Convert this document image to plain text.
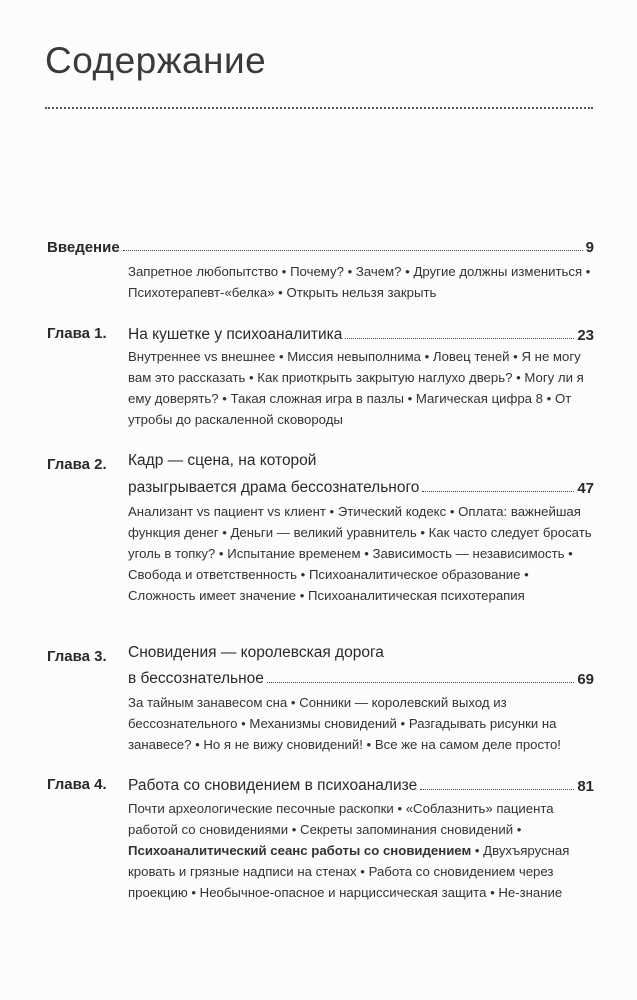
Содержание
Введение	9
Запретное любопытство • Почему? • Зачем? • Другие должны измениться • Психотерапевт-«белка» • Открыть нельзя закрыть
Глава 1. На кушетке у психоаналитика	23
Внутреннее vs внешнее • Миссия невыполнима • Ловец теней • Я не могу вам это рассказать • Как приоткрыть закрытую наглухо дверь? • Могу ли я ему доверять? • Такая сложная игра в пазлы • Магическая цифра 8 • От утробы до раскаленной сковороды
Глава 2. Кадр — сцена, на которой
разыгрывается драма бессознательного	47
Анализант vs пациент vs клиент • Этический кодекс • Оплата: важнейшая функция денег • Деньги — великий уравнитель • Как часто следует бросать уголь в топку? • Испытание временем • Зависимость — независимость • Свобода и ответственность • Психоаналитическое образование • Сложность имеет значение • Психоаналитическая психотерапия
Глава 3. Сновидения — королевская дорога
в бессознательное	69
За тайным занавесом сна • Сонники — королевский выход из бессознательного • Механизмы сновидений • Разгадывать рисунки на занавесе? • Но я не вижу сновидений! • Все же на самом деле просто!
Глава 4. Работа со сновидением в психоанализе	81
Почти археологические песочные раскопки • «Соблазнить» пациента работой со сновидениями • Секреты запоминания сновидений • Психоаналитический сеанс работы со сновидением • Двухъярусная кровать и грязные надписи на стенах • Работа со сновидением через проекцию • Необычное-опасное и нарциссическая защита • Не-знание
